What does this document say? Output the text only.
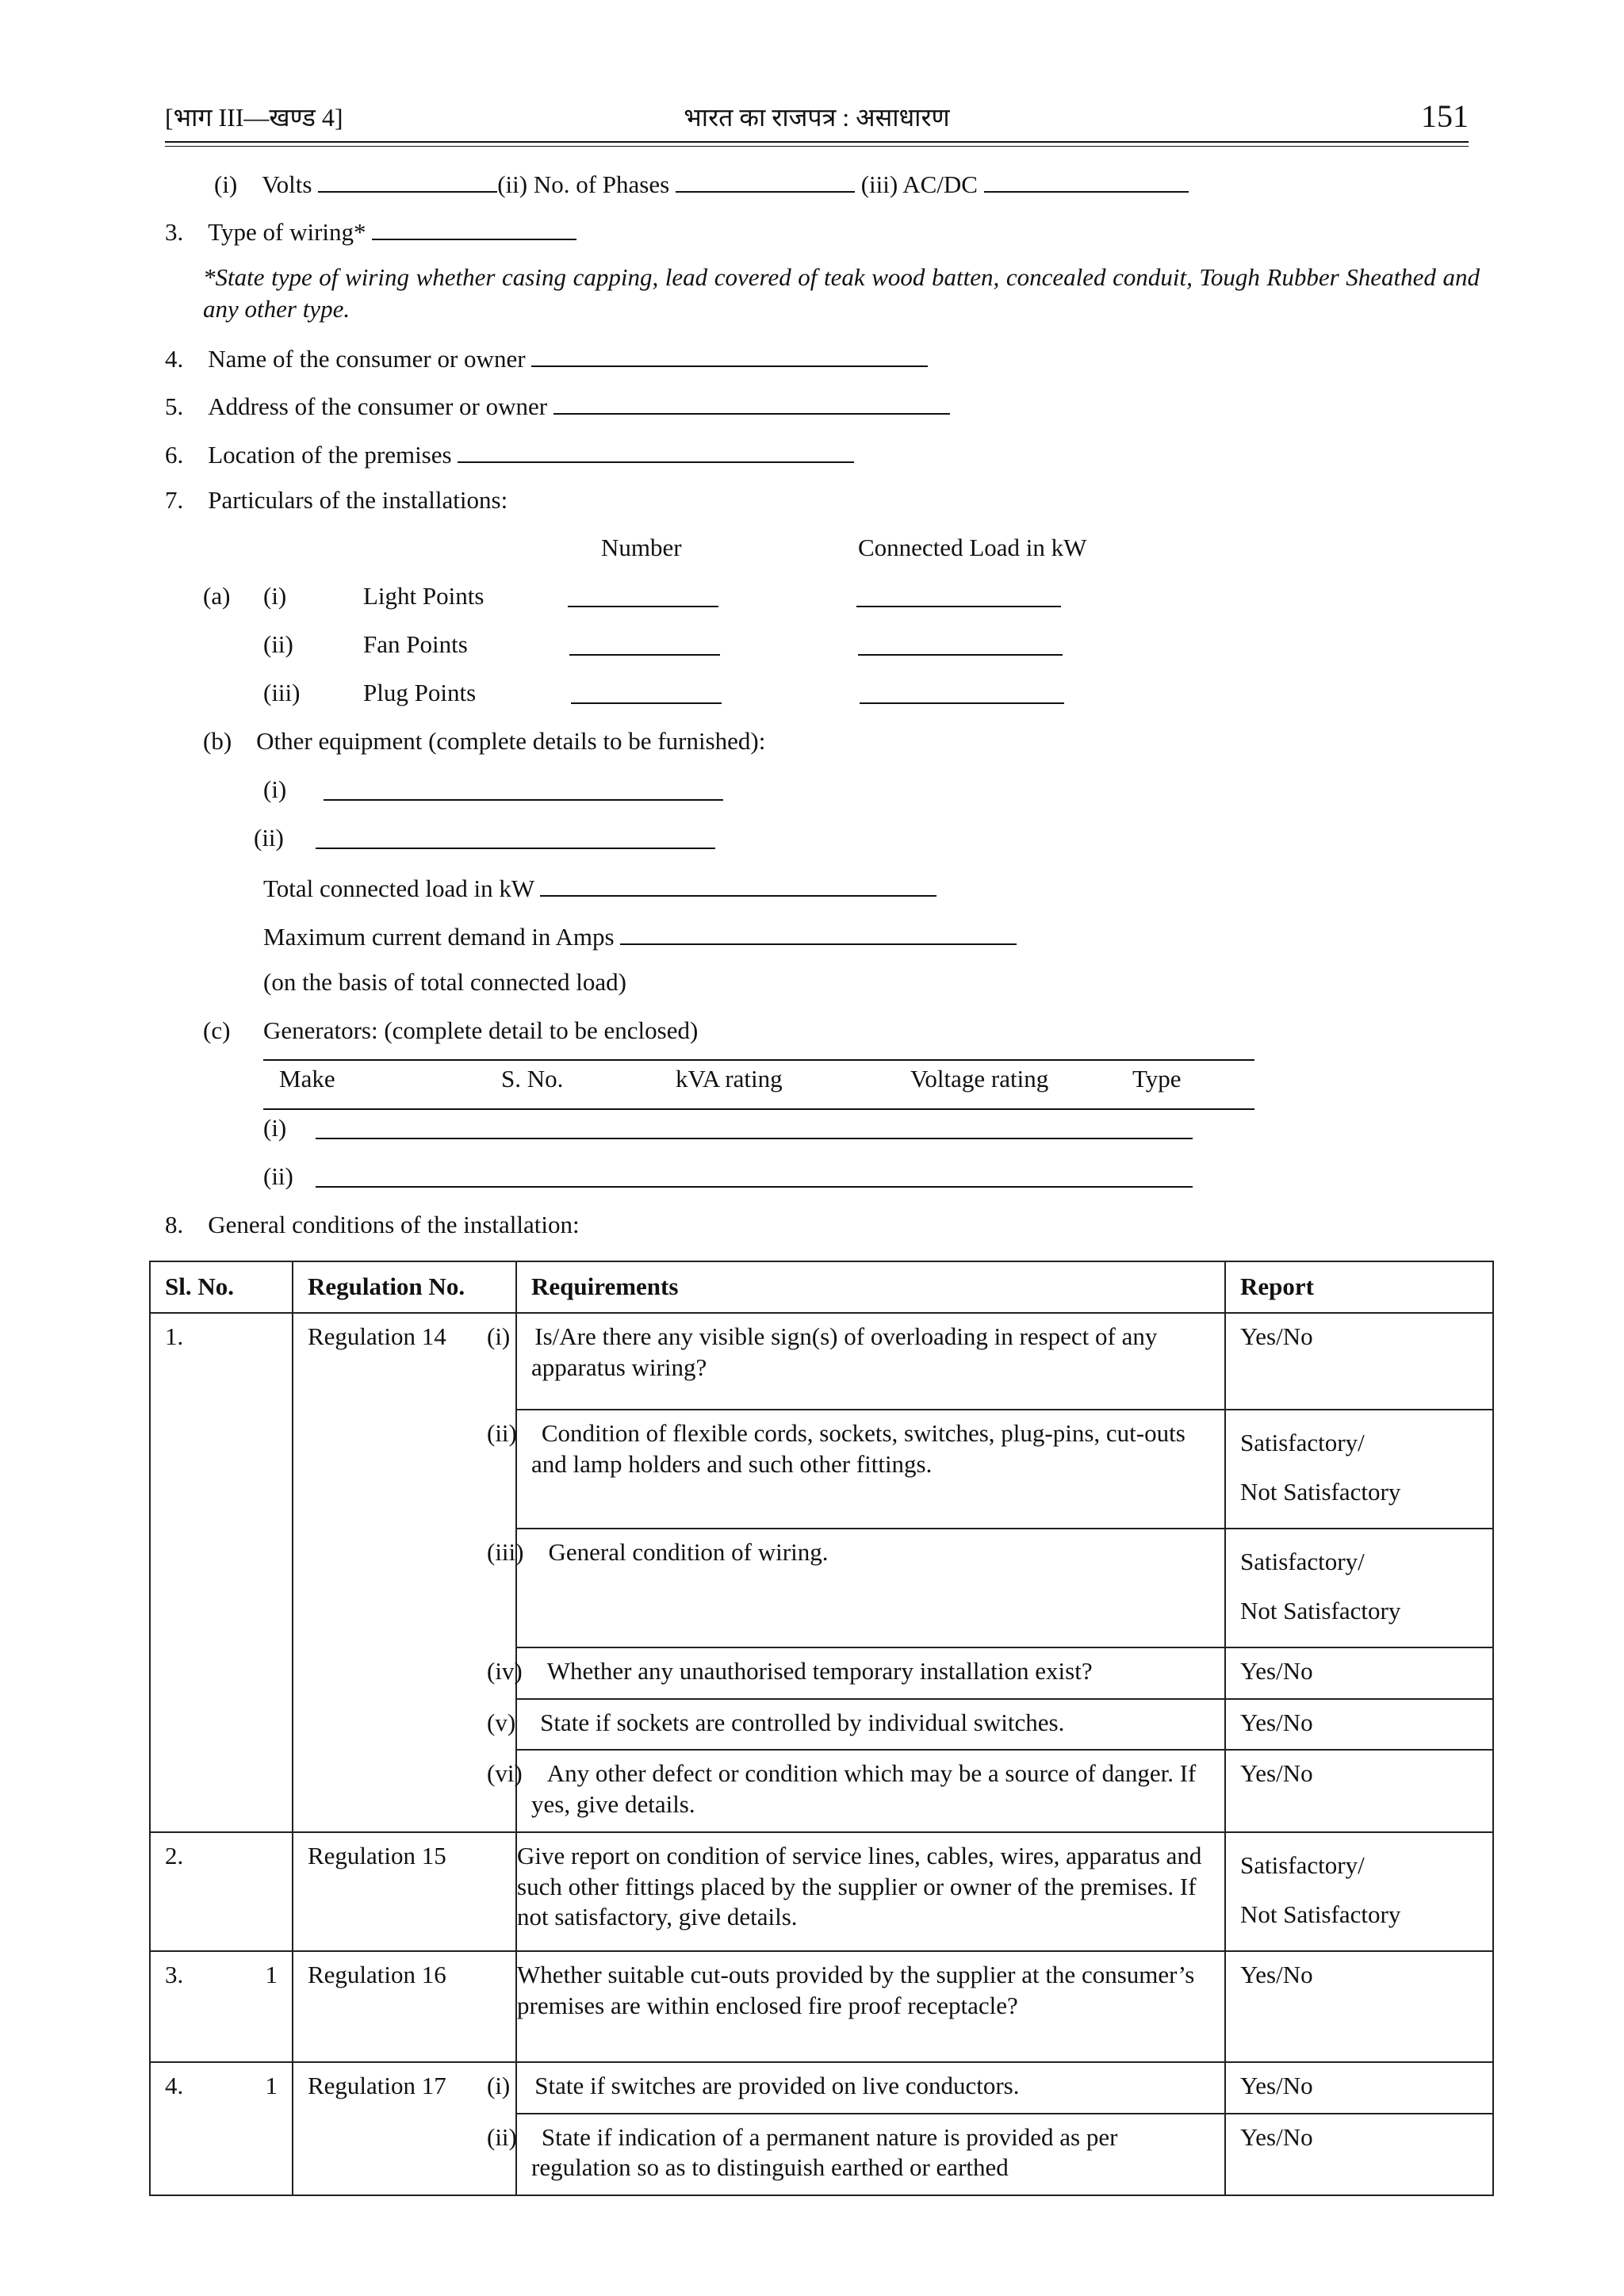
[भाग III—खण्ड 4]	भारत का राजपत्र : असाधारण	151
(i) Volts	(ii) No. of Phases	(iii) AC/DC
3. Type of wiring*
*State type of wiring whether casing capping, lead covered of teak wood batten, concealed conduit, Tough Rubber Sheathed and any other type.
4. Name of the consumer or owner
5. Address of the consumer or owner
6. Location of the premises
7. Particulars of the installations:
Number	Connected Load in kW
(a) (i)	Light Points
(ii)	Fan Points
(iii)	Plug Points
(b) Other equipment (complete details to be furnished):
(i)
(ii)
Total connected load in kW
Maximum current demand in Amps
(on the basis of total connected load)
(c) Generators: (complete detail to be enclosed)
Make	S. No.	kVA rating	Voltage rating	Type
(i)
(ii)
8. General conditions of the installation:
Sl. No.	Regulation No.	Requirements	Report
1.	Regulation 14	(i) Is/Are there any visible sign(s) of overloading in respect of any apparatus wiring?	Yes/No
		(ii) Condition of flexible cords, sockets, switches, plug-pins, cut-outs and lamp holders and such other fittings.	Satisfactory/
Not Satisfactory
		(iii) General condition of wiring.	Satisfactory/
Not Satisfactory
		(iv) Whether any unauthorised temporary installation exist?	Yes/No
		(v) State if sockets are controlled by individual switches.	Yes/No
		(vi) Any other defect or condition which may be a source of danger. If yes, give details.	Yes/No
2.	Regulation 15	Give report on condition of service lines, cables, wires, apparatus and such other fittings placed by the supplier or owner of the premises. If not satisfactory, give details.	Satisfactory/
Not Satisfactory
3. 1	Regulation 16	Whether suitable cut-outs provided by the supplier at the consumer’s premises are within enclosed fire proof receptacle?	Yes/No
4. 1	Regulation 17	(i) State if switches are provided on live conductors.	Yes/No
		(ii) State if indication of a permanent nature is provided as per regulation so as to distinguish earthed or earthed	Yes/No
